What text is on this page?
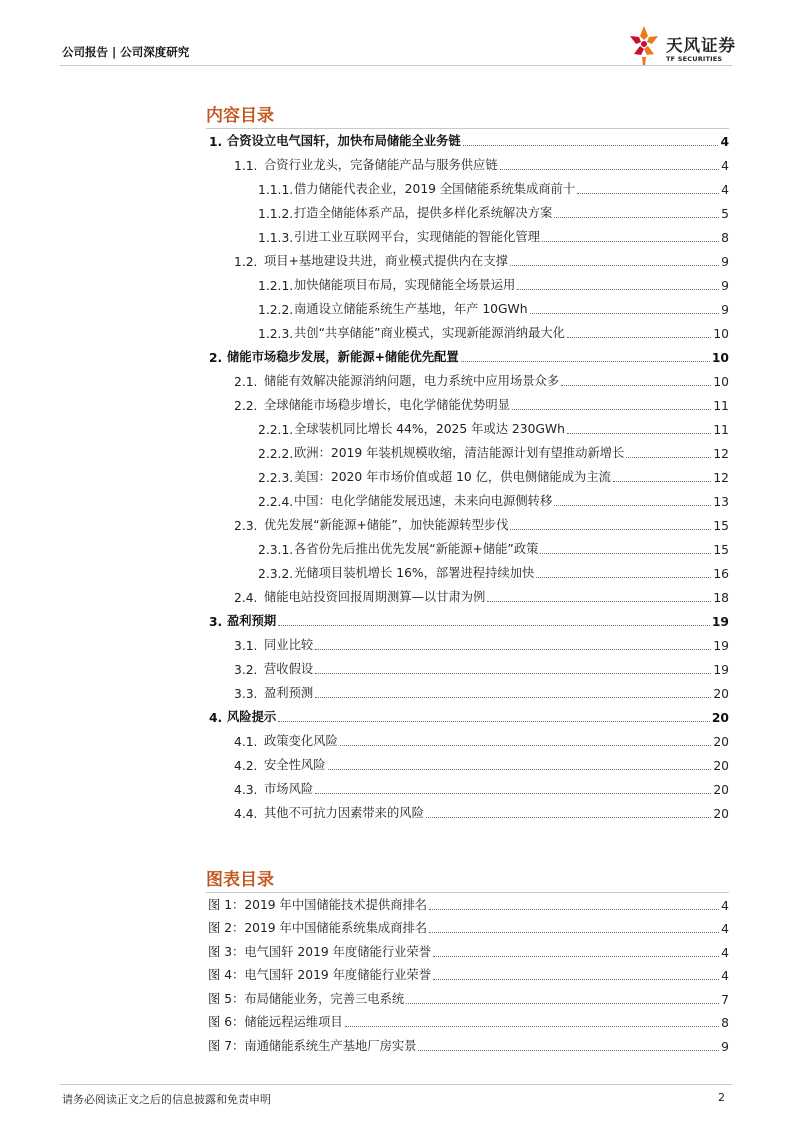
公司报告 | 公司深度研究	天风证券
TF SECURITIES
内容目录
1. 合资设立电气国轩，加快布局储能全业务链	4
1.1. 合资行业龙头，完备储能产品与服务供应链	4
1.1.1. 借力储能代表企业，2019 全国储能系统集成商前十	4
1.1.2. 打造全储能体系产品，提供多样化系统解决方案	5
1.1.3. 引进工业互联网平台，实现储能的智能化管理	8
1.2. 项目+基地建设共进，商业模式提供内在支撑	9
1.2.1. 加快储能项目布局，实现储能全场景运用	9
1.2.2. 南通设立储能系统生产基地，年产 10GWh	9
1.2.3. 共创“共享储能”商业模式，实现新能源消纳最大化	10
2. 储能市场稳步发展，新能源+储能优先配置	10
2.1. 储能有效解决能源消纳问题，电力系统中应用场景众多	10
2.2. 全球储能市场稳步增长，电化学储能优势明显	11
2.2.1. 全球装机同比增长 44%，2025 年或达 230GWh	11
2.2.2. 欧洲：2019 年装机规模收缩，清洁能源计划有望推动新增长	12
2.2.3. 美国：2020 年市场价值或超 10 亿，供电侧储能成为主流	12
2.2.4. 中国：电化学储能发展迅速，未来向电源侧转移	13
2.3. 优先发展“新能源+储能”，加快能源转型步伐	15
2.3.1. 各省份先后推出优先发展“新能源+储能”政策	15
2.3.2. 光储项目装机增长 16%，部署进程持续加快	16
2.4. 储能电站投资回报周期测算—以甘肃为例	18
3. 盈利预期	19
3.1. 同业比较	19
3.2. 营收假设	19
3.3. 盈利预测	20
4. 风险提示	20
4.1. 政策变化风险	20
4.2. 安全性风险	20
4.3. 市场风险	20
4.4. 其他不可抗力因素带来的风险	20
图表目录
图 1：2019 年中国储能技术提供商排名	4
图 2：2019 年中国储能系统集成商排名	4
图 3：电气国轩 2019 年度储能行业荣誉	4
图 4：电气国轩 2019 年度储能行业荣誉	4
图 5：布局储能业务，完善三电系统	7
图 6：储能远程运维项目	8
图 7：南通储能系统生产基地厂房实景	9
请务必阅读正文之后的信息披露和免责申明	2
